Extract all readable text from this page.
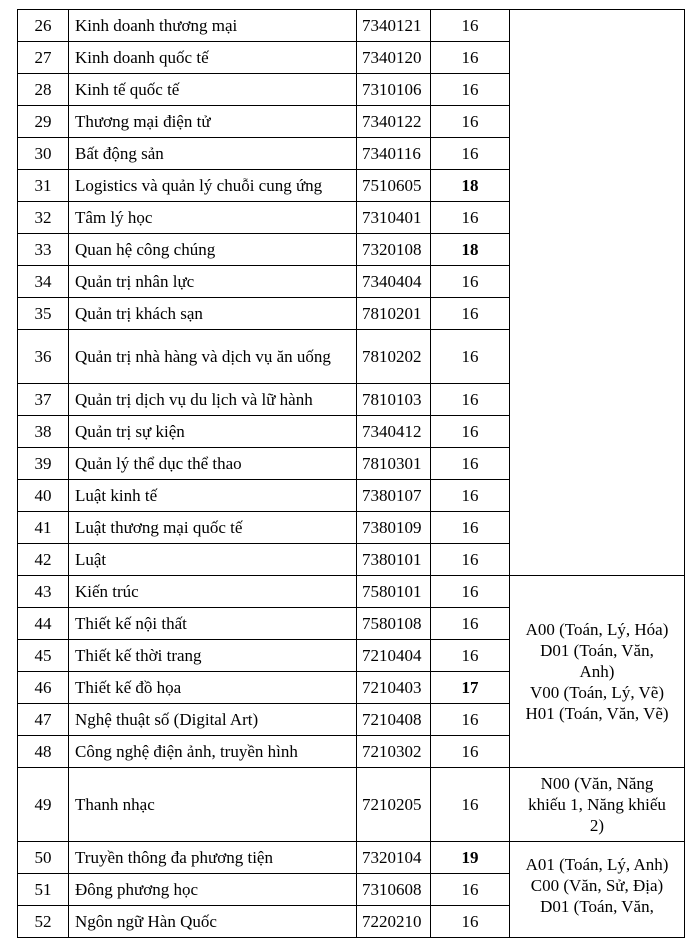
26	Kinh doanh thương mại	7340121	16	
27	Kinh doanh quốc tế	7340120	16	
28	Kinh tế quốc tế	7310106	16	
29	Thương mại điện tử	7340122	16	
30	Bất động sản	7340116	16	
31	Logistics và quản lý chuỗi cung ứng	7510605	18	
32	Tâm lý học	7310401	16	
33	Quan hệ công chúng	7320108	18	
34	Quản trị nhân lực	7340404	16	
35	Quản trị khách sạn	7810201	16	
36	Quản trị nhà hàng và dịch vụ ăn uống	7810202	16	
37	Quản trị dịch vụ du lịch và lữ hành	7810103	16	
38	Quản trị sự kiện	7340412	16	
39	Quản lý thể dục thể thao	7810301	16	
40	Luật kinh tế	7380107	16	
41	Luật thương mại quốc tế	7380109	16	
42	Luật	7380101	16	
43	Kiến trúc	7580101	16	A00 (Toán, Lý, Hóa)
D01 (Toán, Văn,
Anh)
V00 (Toán, Lý, Vẽ)
H01 (Toán, Văn, Vẽ)

44	Thiết kế nội thất	7580108	16	
45	Thiết kế thời trang	7210404	16	
46	Thiết kế đồ họa	7210403	17	
47	Nghệ thuật số (Digital Art)	7210408	16	
48	Công nghệ điện ảnh, truyền hình	7210302	16	
49	Thanh nhạc	7210205	16	N00 (Văn, Năng
khiếu 1, Năng khiếu
2)

50	Truyền thông đa phương tiện	7320104	19	A01 (Toán, Lý, Anh)
C00 (Văn, Sử, Địa)
D01 (Toán, Văn,

51	Đông phương học	7310608	16	
52	Ngôn ngữ Hàn Quốc	7220210	16	
